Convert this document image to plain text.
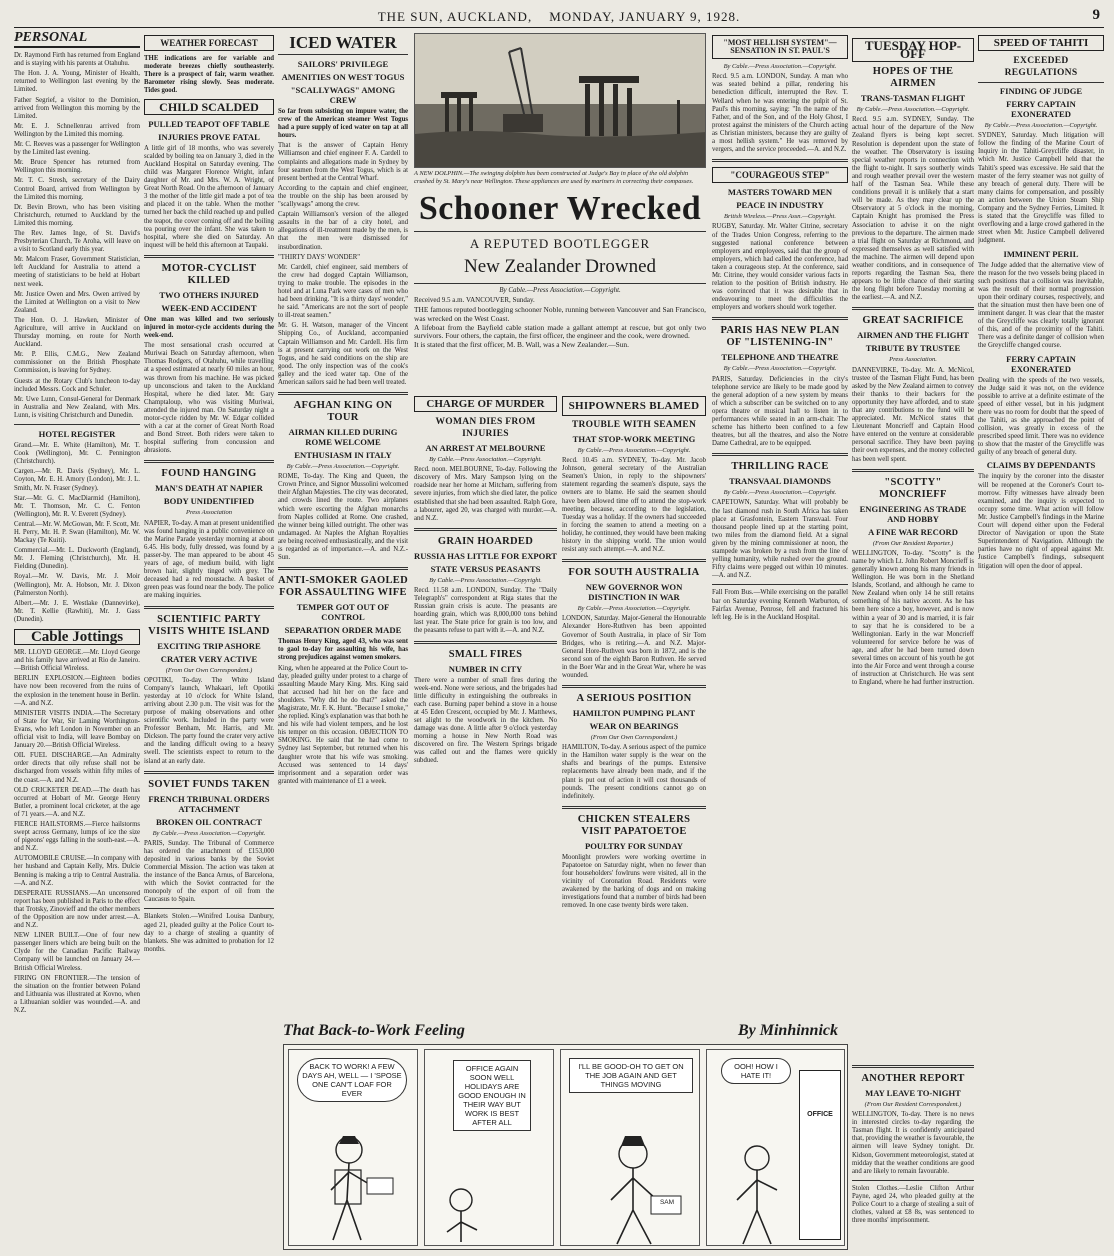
THE SUN, AUCKLAND, MONDAY, JANUARY 9, 1928.	9
PERSONAL

Dr. Raymond Firth has returned from England and is staying with his parents at Otahuhu.

The Hon. J. A. Young, Minister of Health, returned to Wellington last evening by the Limited.

Father Segrief, a visitor to the Dominion, arrived from Wellington this morning by the Limited.

Mr. E. J. Schnellenrau arrived from Wellington by the Limited this morning.

Mr. C. Reeves was a passenger for Wellington by the Limited last evening.

Mr. Bruce Spencer has returned from Wellington this morning.

Mr. T. C. Stresh, secretary of the Dairy Control Board, arrived from Wellington by the Limited this morning.

Dr. Bevin Brown, who has been visiting Christchurch, returned to Auckland by the Limited this morning.

The Rev. James Inge, of St. David's Presbyterian Church, Te Aroha, will leave on a visit to Scotland early this year.

Mr. Malcom Fraser, Government Statistician, left Auckland for Australia to attend a meeting of statisticians to be held at Hobart next week.

Mr. Justice Owen and Mrs. Owen arrived by the Limited at Wellington on a visit to New Zealand.

The Hon. O. J. Hawken, Minister of Agriculture, will arrive in Auckland on Thursday morning, en route for North Auckland.

Mr. P. Ellis, C.M.G., New Zealand commissioner on the British Phosphate Commission, is leaving for Sydney.

Guests at the Rotary Club's luncheon to-day included Messrs. Cock and Schuler.

Mr. Uwe Lunn, Consul-General for Denmark in Australia and New Zealand, with Mrs. Lunn, is visiting Christchurch and Dunedin.

HOTEL REGISTER

Grand.—Mr. E. White (Hamilton), Mr. T. Cook (Wellington), Mr. C. Pennington (Christchurch).

Cargen.—Mr. R. Davis (Sydney), Mr. L. Coyton, Mr. E. H. Amory (London), Mr. J. L. Smith, Mr. N. Fraser (Sydney).

Star.—Mr. G. C. MacDiarmid (Hamilton), Mr. T. Thomson, Mr. C. C. Fenton (Wellington), Mr. R. V. Everett (Sydney).

Central.—Mr. W. McGowan, Mr. F. Scott, Mr. H. Perry, Mr. H. P. Swan (Hamilton), Mr. W. Mackay (Te Kuiti).

Commercial.—Mr. L. Duckworth (England), Mr. J. Fleming (Christchurch), Mr. H. Fielding (Dunedin).

Royal.—Mr. W. Davis, Mr. J. Moir (Wellington), Mr. A. Hobson, Mr. J. Dixon (Palmerston North).

Albert.—Mr. J. E. Westlake (Dannevirke), Mr. T. Kellie (Rawhiti), Mr. J. Gass (Dunedin).

Cable Jottings

MR. LLOYD GEORGE.—Mr. Lloyd George and his family have arrived at Rio de Janeiro.—British Official Wireless.

BERLIN EXPLOSION.—Eighteen bodies have now been recovered from the ruins of the explosion in the tenement house in Berlin.—A. and N.Z.

MINISTER VISITS INDIA.—The Secretary of State for War, Sir Laming Worthington-Evans, who left London in November on an official visit to India, will leave Bombay on January 20.—British Official Wireless.

OIL FUEL DISCHARGE.—An Admiralty order directs that oily refuse shall not be discharged from vessels within fifty miles of the coast.—A. and N.Z.

OLD CRICKETER DEAD.—The death has occurred at Hobart of Mr. George Henry Butler, a prominent local cricketer, at the age of 71 years.—A. and N.Z.

FIERCE HAILSTORMS.—Fierce hailstorms swept across Germany, lumps of ice the size of pigeons' eggs falling in the south-east.—A. and N.Z.

AUTOMOBILE CRUISE.—In company with her husband and Captain Kelly, Mrs. Dulcie Benning is making a trip to Central Australia.—A. and N.Z.

DESPERATE RUSSIANS.—An uncensored report has been published in Paris to the effect that Trotsky, Zinovieff and the other members of the Opposition are now under arrest.—A. and N.Z.

NEW LINER BUILT.—One of four new passenger liners which are being built on the Clyde for the Canadian Pacific Railway Company will be launched on January 24.—British Official Wireless.

FIRING ON FRONTIER.—The tension of the situation on the frontier between Poland and Lithuania was illustrated at Kovno, when a Lithuanian soldier was wounded.—A. and N.Z.

WEATHER FORECAST

THE indications are for variable and moderate breezes chiefly southeasterly. There is a prospect of fair, warm weather. Barometer rising slowly. Seas moderate. Tides good.

CHILD SCALDED
PULLED TEAPOT OFF TABLE
INJURIES PROVE FATAL

A little girl of 18 months, who was severely scalded by boiling tea on January 3, died in the Auckland Hospital on Saturday evening. The child was Margaret Florence Wright, infant daughter of Mr. and Mrs. W. A. Wright, of Great North Road. On the afternoon of January 3 the mother of the little girl made a pot of tea and placed it on the table. When the mother turned her back the child reached up and pulled the teapot, the cover coming off and the boiling tea pouring over the infant. She was taken to hospital, where she died on Saturday. An inquest will be held this afternoon at Taupaki.

MOTOR-CYCLIST KILLED
TWO OTHERS INJURED
WEEK-END ACCIDENT

One man was killed and two seriously injured in motor-cycle accidents during the week-end.

The most sensational crash occurred at Muriwai Beach on Saturday afternoon, when Thomas Rodgers, of Otahuhu, while travelling at a speed estimated at nearly 60 miles an hour, was thrown from his machine. He was picked up unconscious and taken to the Auckland Hospital, where he died later. Mr. Gary Champtaloup, who was visiting Muriwai, attended the injured man. On Saturday night a motor-cycle ridden by Mr. W. Edgar collided with a car at the corner of Great North Road and Bond Street. Both riders were taken to hospital suffering from concussion and abrasions.

FOUND HANGING
MAN'S DEATH AT NAPIER
BODY UNIDENTIFIED
Press Association

NAPIER, To-day. A man at present unidentified was found hanging in a public convenience on the Marine Parade yesterday morning at about 6.45. His body, fully dressed, was found by a passer-by. The man appeared to be about 45 years of age, of medium build, with light brown hair, slightly tinged with grey. The deceased had a red moustache. A basket of green peas was found near the body. The police are making inquiries.

SCIENTIFIC PARTY VISITS WHITE ISLAND
EXCITING TRIP ASHORE
CRATER VERY ACTIVE
(From Our Own Correspondent.)

OPOTIKI, To-day. The White Island Company's launch, Whakaari, left Opotiki yesterday at 10 o'clock for White Island, arriving about 2.30 p.m. The visit was for the purpose of making observations and other scientific work. Included in the party were Professor Benham, Mr. Harris, and Mr. Dickson. The party found the crater very active and the landing difficult owing to a heavy swell. The scientists expect to return to the island at an early date.

SOVIET FUNDS TAKEN
FRENCH TRIBUNAL ORDERS ATTACHMENT
BROKEN OIL CONTRACT
By Cable.—Press Association.—Copyright.

PARIS, Sunday. The Tribunal of Commerce has ordered the attachment of £153,000 deposited in various banks by the Soviet Commercial Mission. The action was taken at the instance of the Banca Arnus, of Barcelona, with which the Soviet contracted for the monopoly of the export of oil from the Caucasus to Spain.

Blankets Stolen.—Winifred Louisa Danbury, aged 21, pleaded guilty at the Police Court to-day to a charge of stealing a quantity of blankets. She was admitted to probation for 12 months.

ICED WATER
SAILORS' PRIVILEGE
AMENITIES ON WEST TOGUS
"SCALLYWAGS" AMONG CREW

So far from subsisting on impure water, the crew of the American steamer West Togus had a pure supply of iced water on tap at all hours.

That is the answer of Captain Henry Williamson and chief engineer F. A. Cardell to complaints and allegations made in Sydney by four seamen from the West Togus, which is at present berthed at the Central Wharf.

According to the captain and chief engineer, the trouble on the ship has been aroused by "scallywags" among the crew.

Captain Williamson's version of the alleged assaults in the bar of a city hotel, and allegations of ill-treatment made by the men, is that the men were dismissed for insubordination.

"THIRTY DAYS' WONDER"

Mr. Cardell, chief engineer, said members of the crew had dogged Captain Williamson, trying to make trouble. The episodes in the hotel and at Luna Park were cases of men who had been drinking. "It is a thirty days' wonder," he said. "Americans are not the sort of people to ill-treat seamen."

Mr. G. H. Watson, manager of the Vincent Shipping Co., of Auckland, accompanied Captain Williamson and Mr. Cardell. His firm is at present carrying out work on the West Togus, and he said conditions on the ship are good. The only inspection was of the cook's galley and the iced water tap. One of the American sailors said he had been well treated.

AFGHAN KING ON TOUR
AIRMAN KILLED DURING ROME WELCOME
ENTHUSIASM IN ITALY
By Cable.—Press Association.—Copyright.

ROME, To-day. The King and Queen, the Crown Prince, and Signor Mussolini welcomed their Afghan Majesties. The city was decorated, and crowds lined the route. Two airplanes which were escorting the Afghan monarchs from Naples collided at Rome. One crashed, the winner being killed outright. The other was undamaged. At Naples the Afghan Royalties are being received enthusiastically, and the visit is regarded as of importance.—A. and N.Z.-Sun.

ANTI-SMOKER GAOLED FOR ASSAULTING WIFE
TEMPER GOT OUT OF CONTROL
SEPARATION ORDER MADE

Thomas Henry King, aged 43, who was sent to gaol to-day for assaulting his wife, has strong prejudices against women smokers.

King, when he appeared at the Police Court to-day, pleaded guilty under protest to a charge of assaulting Maude Mary King. Mrs. King said that accused had hit her on the face and shoulders. "Why did he do that?" asked the Magistrate, Mr. F. K. Hunt. "Because I smoke," she replied. King's explanation was that both he and his wife had violent tempers, and he lost his temper on this occasion. OBJECTION TO SMOKING. He said that he had come to Sydney last September, but returned when his daughter wrote that his wife was smoking. Accused was sentenced to 14 days' imprisonment and a separation order was granted with maintenance of £1 a week.

A NEW DOLPHIN.—The swinging dolphin has been constructed at Judge's Bay in place of the old dolphin crushed by St. Mary's near Wellington. These appliances are used by mariners in correcting their compasses.
Schooner Wrecked
A REPUTED BOOTLEGGER
New Zealander Drowned
By Cable.—Press Association.—Copyright.
Received 9.5 a.m. VANCOUVER, Sunday.

THE famous reputed bootlegging schooner Noble, running between Vancouver and San Francisco, was wrecked on the West Coast.

A lifeboat from the Bayfield cable station made a gallant attempt at rescue, but got only two survivors. Four others, the captain, the first officer, the engineer and the cook, were drowned.

It is stated that the first officer, M. B. Wall, was a New Zealander.—Sun.

CHARGE OF MURDER
WOMAN DIES FROM INJURIES
AN ARREST AT MELBOURNE
By Cable.—Press Association.—Copyright.

Recd. noon. MELBOURNE, To-day. Following the discovery of Mrs. Mary Sampson lying on the roadside near her home at Mitcham, suffering from severe injuries, from which she died later, the police established that she had been assaulted. Ralph Gore, a labourer, aged 20, was charged with murder.—A. and N.Z.

GRAIN HOARDED
RUSSIA HAS LITTLE FOR EXPORT
STATE VERSUS PEASANTS
By Cable.—Press Association.—Copyright.

Recd. 11.58 a.m. LONDON, Sunday. The "Daily Telegraph's" correspondent at Riga states that the Russian grain crisis is acute. The peasants are hoarding grain, which was 8,000,000 tons behind last year. The State price for grain is too low, and the peasants refuse to part with it.—A. and N.Z.

SMALL FIRES
NUMBER IN CITY

There were a number of small fires during the week-end. None were serious, and the brigades had little difficulty in extinguishing the outbreaks in each case. Burning paper behind a stove in a house at 45 Eden Crescent, occupied by Mr. J. Matthews, set alight to the woodwork in the kitchen. No damage was done. A little after 9 o'clock yesterday morning a house in New North Road was discovered on fire. The Western Springs brigade was called out and the flames were quickly subdued.

SHIPOWNERS BLAMED
TROUBLE WITH SEAMEN
THAT STOP-WORK MEETING
By Cable.—Press Association.—Copyright.

Recd. 10.45 a.m. SYDNEY, To-day. Mr. Jacob Johnson, general secretary of the Australian Seamen's Union, in reply to the shipowners' statement regarding the seamen's dispute, says the owners are to blame. He said the seamen should have been allowed time off to attend the stop-work meeting, because, according to the legislation, Tuesday was a holiday. If the owners had succeeded in forcing the seamen to attend a meeting on a holiday, he continued, they would have been making history in the shipping world. The union would resist any such attempt.—A. and N.Z.

FOR SOUTH AUSTRALIA
NEW GOVERNOR WON DISTINCTION IN WAR
By Cable.—Press Association.—Copyright.

LONDON, Saturday. Major-General the Honourable Alexander Hore-Ruthven has been appointed Governor of South Australia, in place of Sir Tom Bridges, who is retiring.—A. and N.Z. Major-General Hore-Ruthven was born in 1872, and is the second son of the eighth Baron Ruthven. He served in the Boer War and in the Great War, where he was wounded.

A SERIOUS POSITION
HAMILTON PUMPING PLANT
WEAR ON BEARINGS
(From Our Own Correspondent.)

HAMILTON, To-day. A serious aspect of the pumice in the Hamilton water supply is the wear on the shafts and bearings of the pumps. Extensive replacements have already been made, and if the plant is put out of action it will cost thousands of pounds. The present conditions cannot go on indefinitely.

CHICKEN STEALERS VISIT PAPATOETOE
POULTRY FOR SUNDAY

Moonlight prowlers were working overtime in Papatoetoe on Saturday night, when no fewer than four householders' fowlruns were visited, all in the vicinity of Coronation Road. Residents were awakened by the barking of dogs and on making investigations found that a number of birds had been removed. In one case twenty birds were taken.

"MOST HELLISH SYSTEM"— SENSATION IN ST. PAUL'S
By Cable.—Press Association.—Copyright.

Recd. 9.5 a.m. LONDON, Sunday. A man who was seated behind a pillar, rendering his benediction difficult, interrupted the Rev. T. Wellard when he was entering the pulpit of St. Paul's this morning, saying: "In the name of the Father, and of the Son, and of the Holy Ghost, I protest against the ministers of the Church acting as Christian ministers, because they are guilty of a most hellish system." He was removed by vergers, and the service proceeded.—A. and N.Z.

"COURAGEOUS STEP"
MASTERS TOWARD MEN
PEACE IN INDUSTRY
British Wireless.—Press Assn.—Copyright.

RUGBY, Saturday. Mr. Walter Citrine, secretary of the Trades Union Congress, referring to the suggested national conference between employers and employees, said that the group of employers, which had called the conference, had taken a courageous step. At the conference, said Mr. Citrine, they would consider various facts in relation to the position of British industry. He was convinced that it was desirable that in endeavouring to meet the difficulties the employers and workers should work together.

PARIS HAS NEW PLAN OF "LISTENING-IN"
TELEPHONE AND THEATRE
By Cable.—Press Association.—Copyright.

PARIS, Saturday. Deficiencies in the city's telephone service are likely to be made good by the general adoption of a new system by means of which a subscriber can be switched on to any opera theatre or musical hall to listen in to performances while seated in an arm-chair. The scheme has hitherto been confined to a few theatres, but all the theatres, and also the Notre Dame Cathedral, are to be equipped.

THRILLING RACE
TRANSVAAL DIAMONDS
By Cable.—Press Association.—Copyright.

CAPETOWN, Saturday. What will probably be the last diamond rush in South Africa has taken place at Grasfontein, Eastern Transvaal. Four thousand people lined up at the starting point, two miles from the diamond field. At a signal given by the mining commissioner at noon, the stampede was broken by a rush from the line of yelling humanity, while rushed over the ground. Fifty claims were pegged out within 10 minutes.—A. and N.Z.

Fall From Bus.—While exercising on the parallel bar on Saturday evening Kenneth Warburton, of Fairfax Avenue, Penrose, fell and fractured his left leg. He is in the Auckland Hospital.

TUESDAY HOP-OFF
HOPES OF THE AIRMEN
TRANS-TASMAN FLIGHT
By Cable.—Press Association.—Copyright.

Recd. 9.5 a.m. SYDNEY, Sunday. The actual hour of the departure of the New Zealand flyers is being kept secret. Resolution is dependent upon the state of the weather. The Observatory is issuing special weather reports in connection with the flight to-night. It says southerly winds and rough weather prevail over the western half of the Tasman Sea. While these conditions prevail it is unlikely that a start will be made. As they may clear up the Observatory at 5 o'clock in the morning, Captain Knight has promised the Press Association to advise it on the night previous to the departure. The airmen made a trial flight on Saturday at Richmond, and expressed themselves as well satisfied with the machine. The airmen will depend upon weather conditions, and in consequence of reports regarding the Tasman Sea, there appears to be little chance of their starting the long flight before Tuesday morning at the earliest.—A. and N.Z.

GREAT SACRIFICE
AIRMEN AND THE FLIGHT
TRIBUTE BY TRUSTEE
Press Association.

DANNEVIRKE, To-day. Mr. A. McNicol, trustee of the Tasman Flight Fund, has been asked by the New Zealand airmen to convey their thanks to their backers for the opportunity they have afforded, and to state that any contributions to the fund will be appreciated. Mr. McNicol states that Lieutenant Moncrieff and Captain Hood have entered on the venture at considerable personal sacrifice. They have been paying their own expenses, and the money collected has been well spent.

"SCOTTY" MONCRIEFF
ENGINEERING AS TRADE AND HOBBY
A FINE WAR RECORD
(From Our Resident Reporter.)

WELLINGTON, To-day. "Scotty" is the name by which Lt. John Robert Moncrieff is generally known among his many friends in Wellington. He was born in the Shetland Islands, Scotland, and although he came to New Zealand when only 14 he still retains something of his native accent. As he has been here since a boy, however, and is now within a year of 30 and is married, it is fair to say that he is considered to be a Wellingtonian. Early in the war Moncrieff volunteered for service before he was of age, and after he had been turned down several times on account of his youth he got into the Air Force and went through a course of instruction at Christchurch. He was sent to England, where he had further instruction.

ANOTHER REPORT
MAY LEAVE TO-NIGHT
(From Our Resident Correspondent.)

WELLINGTON, To-day. There is no news in interested circles to-day regarding the Tasman flight. It is confidently anticipated that, providing the weather is favourable, the airmen will leave Sydney tonight. Dr. Kidson, Government meteorologist, stated at midday that the weather conditions are good and are likely to remain favourable.

Stolen Clothes.—Leslie Clifton Arthur Payne, aged 24, who pleaded guilty at the Police Court to a charge of stealing a suit of clothes, valued at £8 8s, was sentenced to three months' imprisonment.

SPEED OF TAHITI
EXCEEDED REGULATIONS
FINDING OF JUDGE
FERRY CAPTAIN EXONERATED
By Cable.—Press Association.—Copyright.

SYDNEY, Saturday. Much litigation will follow the finding of the Marine Court of Inquiry in the Tahiti-Greycliffe disaster, in which Mr. Justice Campbell held that the Tahiti's speed was excessive. He said that the master of the ferry steamer was not guilty of any breach of general duty. There will be many claims for compensation, and possibly an action between the Union Steam Ship Company and the Sydney Ferries, Limited. It is stated that the Greycliffe was filled to overflowing and a large crowd gathered in the street when Mr. Justice Campbell delivered judgment.

IMMINENT PERIL

The Judge added that the alternative view of the reason for the two vessels being placed in such positions that a collision was inevitable, was the result of their normal progression upon their ordinary courses, respectively, and that the situation must then have been one of imminent danger. It was clear that the master of the Greycliffe was clearly totally ignorant of this, and of the proximity of the Tahiti. There was a definite danger of collision when the Greycliffe changed course.

FERRY CAPTAIN EXONERATED

Dealing with the speeds of the two vessels, the Judge said it was not, on the evidence possible to arrive at a definite estimate of the speed of either vessel, but in his judgment there was no room for doubt that the speed of the Tahiti, as she approached the point of collision, was greatly in excess of the prescribed speed limit. There was no evidence to show that the master of the Greycliffe was guilty of any breach of general duty.

CLAIMS BY DEPENDANTS

The inquiry by the coroner into the disaster will be reopened at the Coroner's Court to-morrow. Fifty witnesses have already been examined, and the inquiry is expected to occupy some time. What action will follow Mr. Justice Campbell's findings in the Marine Court will depend either upon the Federal Director of Navigation or upon the State Superintendent of Navigation. Although the parties have no right of appeal against Mr. Justice Campbell's findings, subsequent litigation will open the door of appeal.

That Back-to-Work Feeling	By Minhinnick
BACK TO WORK! A FEW DAYS AH, WELL — I 'SPOSE ONE CAN'T LOAF FOR EVER
OFFICE AGAIN SOON WELL HOLIDAYS ARE GOOD ENOUGH IN THEIR WAY BUT WORK IS BEST AFTER ALL
I'LL BE GOOD-OH TO GET ON THE JOB AGAIN AND GET THINGS MOVING
SAM
OOH! HOW I HATE IT!
OFFICE
